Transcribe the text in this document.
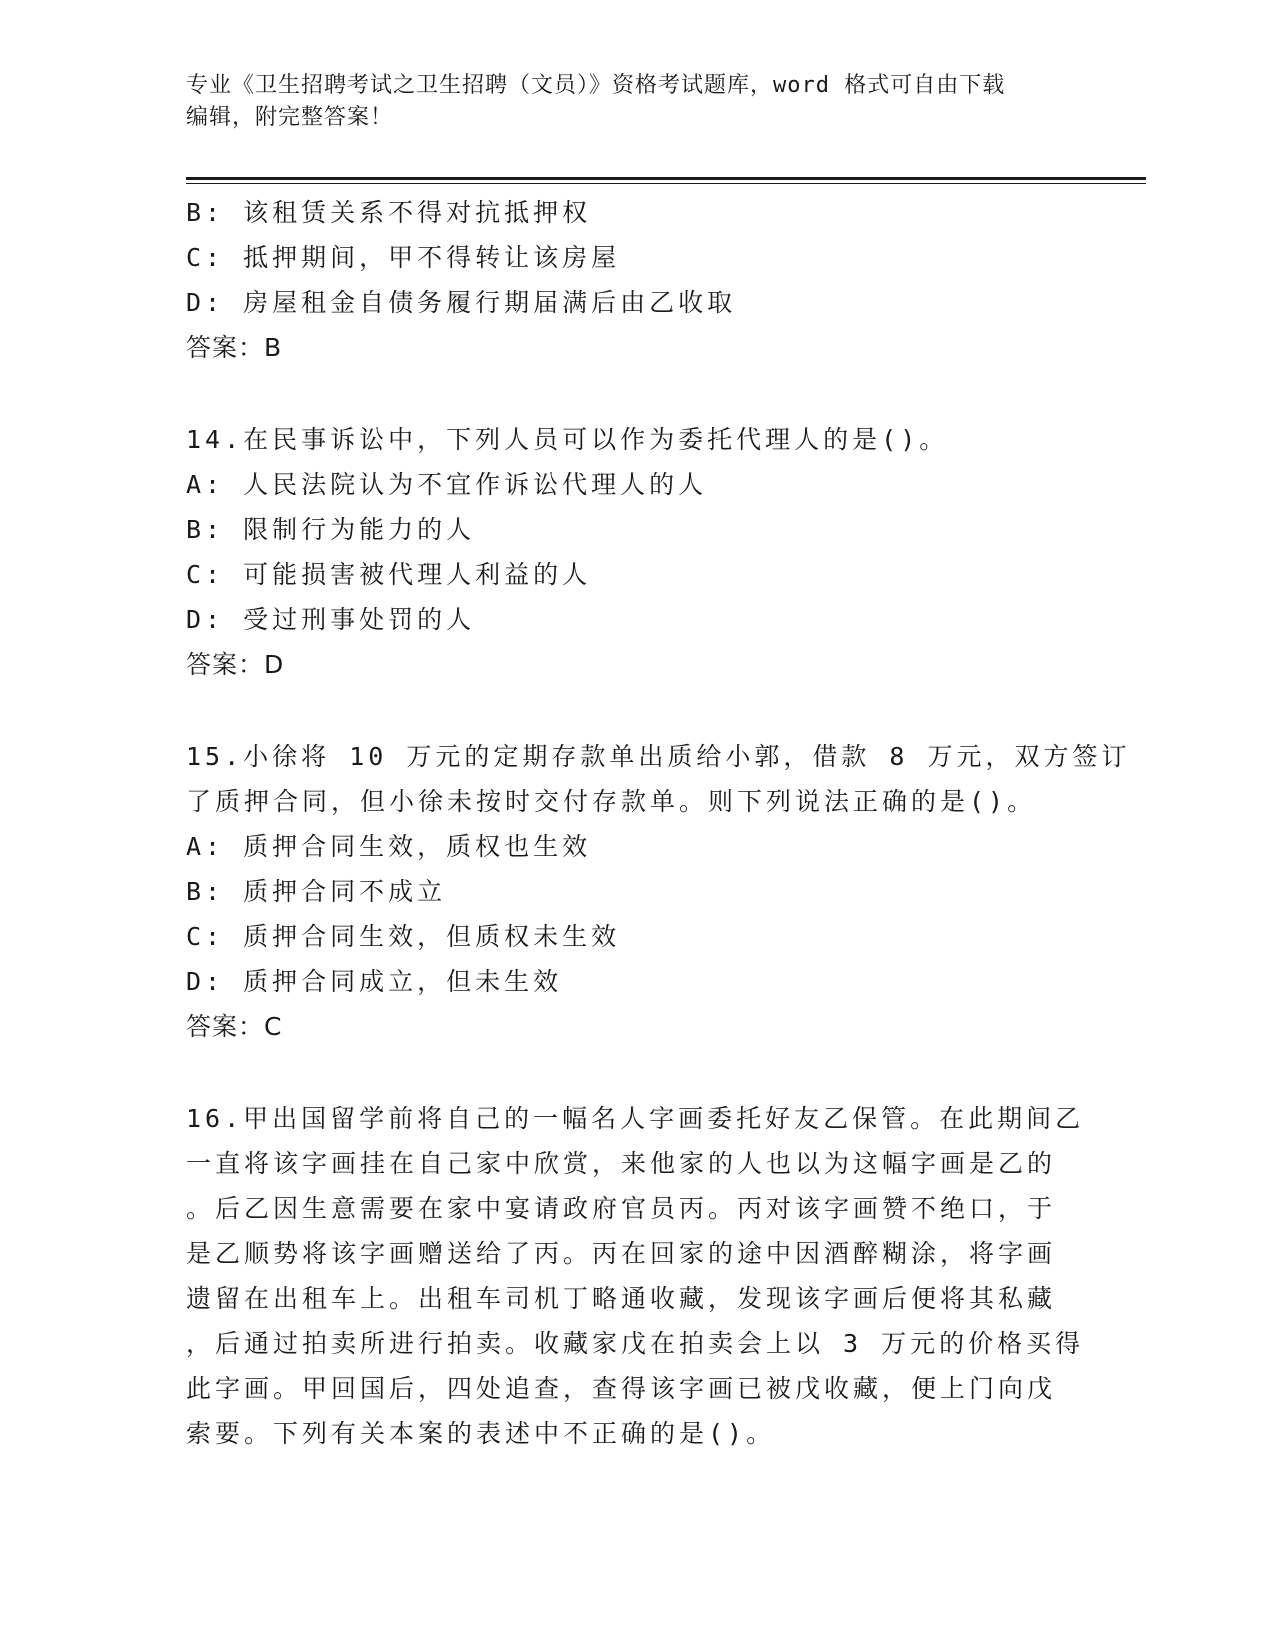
专业《卫生招聘考试之卫生招聘（文员）》资格考试题库，word 格式可自由下载
编辑，附完整答案！
B: 该租赁关系不得对抗抵押权
C: 抵押期间，甲不得转让该房屋
D: 房屋租金自债务履行期届满后由乙收取
答案：B
14.在民事诉讼中，下列人员可以作为委托代理人的是()。
A: 人民法院认为不宜作诉讼代理人的人
B: 限制行为能力的人
C: 可能损害被代理人利益的人
D: 受过刑事处罚的人
答案：D
15.小徐将 10 万元的定期存款单出质给小郭，借款 8 万元，双方签订
了质押合同，但小徐未按时交付存款单。则下列说法正确的是()。
A: 质押合同生效，质权也生效
B: 质押合同不成立
C: 质押合同生效，但质权未生效
D: 质押合同成立，但未生效
答案：C
16.甲出国留学前将自己的一幅名人字画委托好友乙保管。在此期间乙
一直将该字画挂在自己家中欣赏，来他家的人也以为这幅字画是乙的
。后乙因生意需要在家中宴请政府官员丙。丙对该字画赞不绝口，于
是乙顺势将该字画赠送给了丙。丙在回家的途中因酒醉糊涂，将字画
遗留在出租车上。出租车司机丁略通收藏，发现该字画后便将其私藏
，后通过拍卖所进行拍卖。收藏家戊在拍卖会上以 3 万元的价格买得
此字画。甲回国后，四处追查，查得该字画已被戊收藏，便上门向戊
索要。下列有关本案的表述中不正确的是()。
